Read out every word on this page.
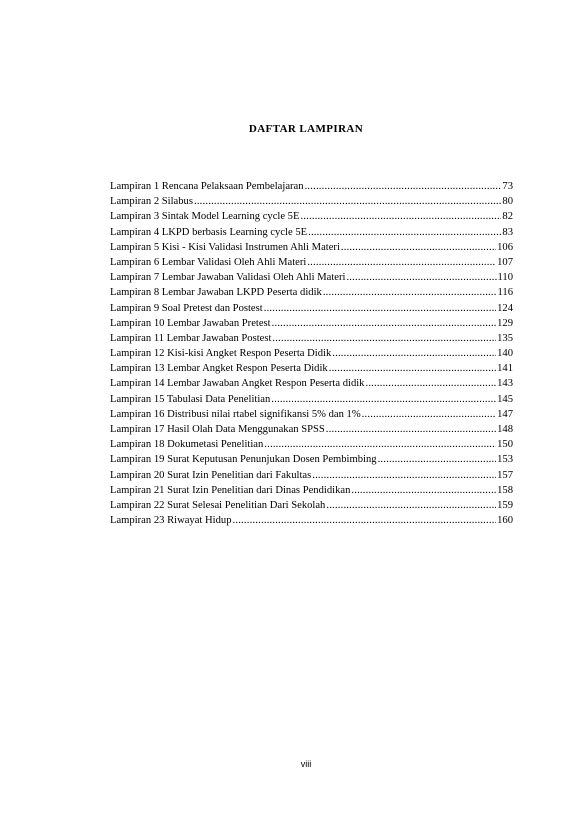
DAFTAR LAMPIRAN
Lampiran 1 Rencana Pelaksaan Pembelajaran .....	73
Lampiran 2 Silabus .....	80
Lampiran 3 Sintak Model Learning cycle 5E .....	82
Lampiran 4 LKPD berbasis Learning cycle 5E .....	83
Lampiran 5 Kisi - Kisi Validasi Instrumen Ahli Materi .....	106
Lampiran 6 Lembar Validasi Oleh Ahli Materi .....	107
Lampiran 7 Lembar Jawaban Validasi Oleh Ahli Materi .....	110
Lampiran 8 Lembar Jawaban LKPD Peserta didik .....	116
Lampiran 9 Soal Pretest dan Postest .....	124
Lampiran 10 Lembar Jawaban Pretest .....	129
Lampiran 11 Lembar Jawaban Postest .....	135
Lampiran 12 Kisi-kisi Angket Respon Peserta Didik .....	140
Lampiran 13 Lembar Angket Respon Peserta Didik .....	141
Lampiran 14 Lembar Jawaban Angket Respon Peserta didik .....	143
Lampiran 15 Tabulasi Data Penelitian .....	145
Lampiran 16 Distribusi nilai rtabel signifikansi 5% dan 1% .....	147
Lampiran 17 Hasil Olah Data Menggunakan SPSS .....	148
Lampiran 18 Dokumetasi Penelitian .....	150
Lampiran 19 Surat Keputusan Penunjukan Dosen Pembimbing .....	153
Lampiran 20 Surat Izin Penelitian dari Fakultas .....	157
Lampiran 21 Surat Izin Penelitian dari Dinas Pendidikan .....	158
Lampiran 22 Surat Selesai Penelitian Dari Sekolah .....	159
Lampiran 23 Riwayat Hidup .....	160
viii
